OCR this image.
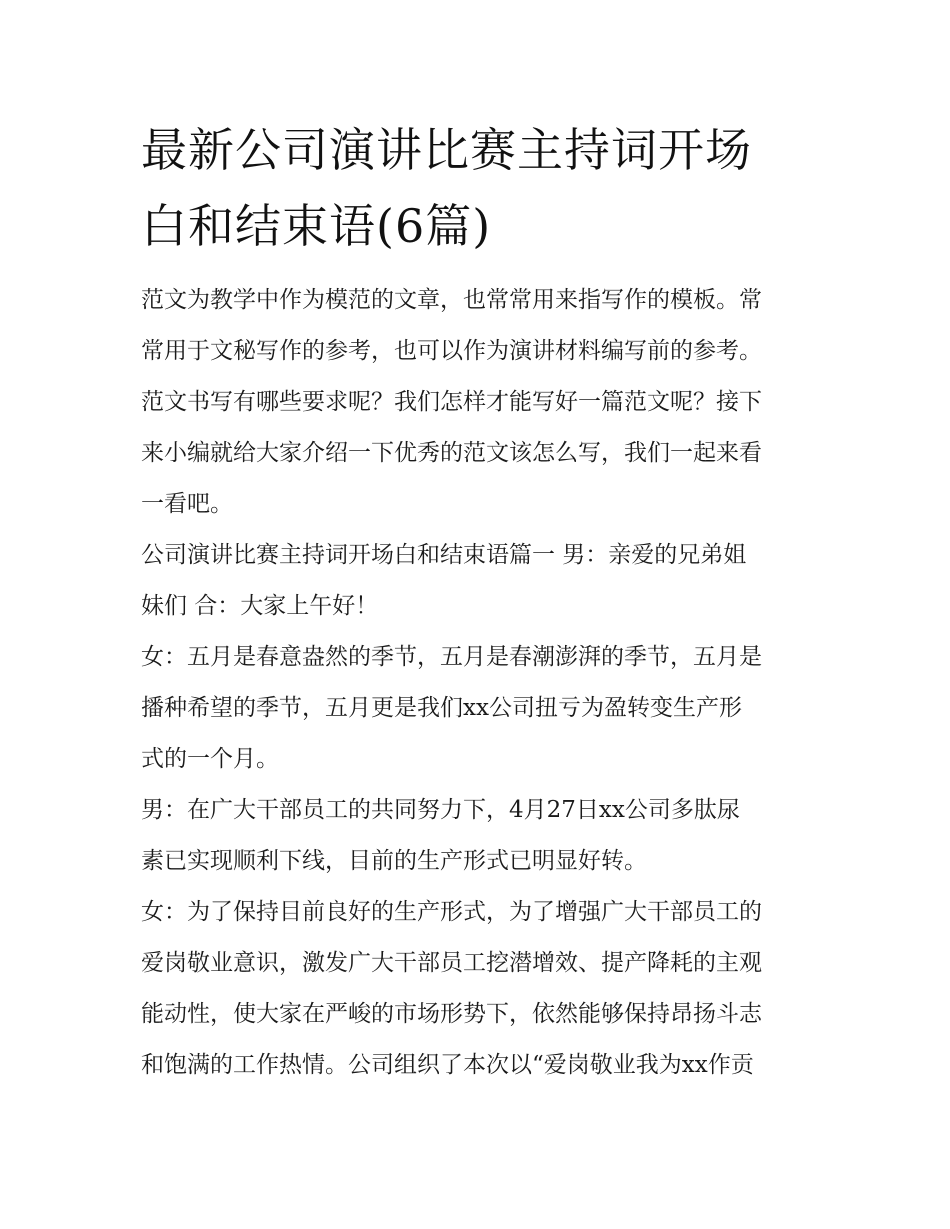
最新公司演讲比赛主持词开场
白和结束语(6篇)

范文为教学中作为模范的文章，也常常用来指写作的模板。常
常用于文秘写作的参考，也可以作为演讲材料编写前的参考。
范文书写有哪些要求呢？我们怎样才能写好一篇范文呢？接下
来小编就给大家介绍一下优秀的范文该怎么写，我们一起来看
一看吧。

公司演讲比赛主持词开场白和结束语篇一 男：亲爱的兄弟姐
妹们 合：大家上午好！

女：五月是春意盎然的季节，五月是春潮澎湃的季节，五月是
播种希望的季节，五月更是我们xx公司扭亏为盈转变生产形
式的一个月。

男：在广大干部员工的共同努力下，4月27日xx公司多肽尿
素已实现顺利下线，目前的生产形式已明显好转。

女：为了保持目前良好的生产形式，为了增强广大干部员工的
爱岗敬业意识，激发广大干部员工挖潜增效、提产降耗的主观
能动性，使大家在严峻的市场形势下，依然能够保持昂扬斗志
和饱满的工作热情。公司组织了本次以“爱岗敬业我为xx作贡
